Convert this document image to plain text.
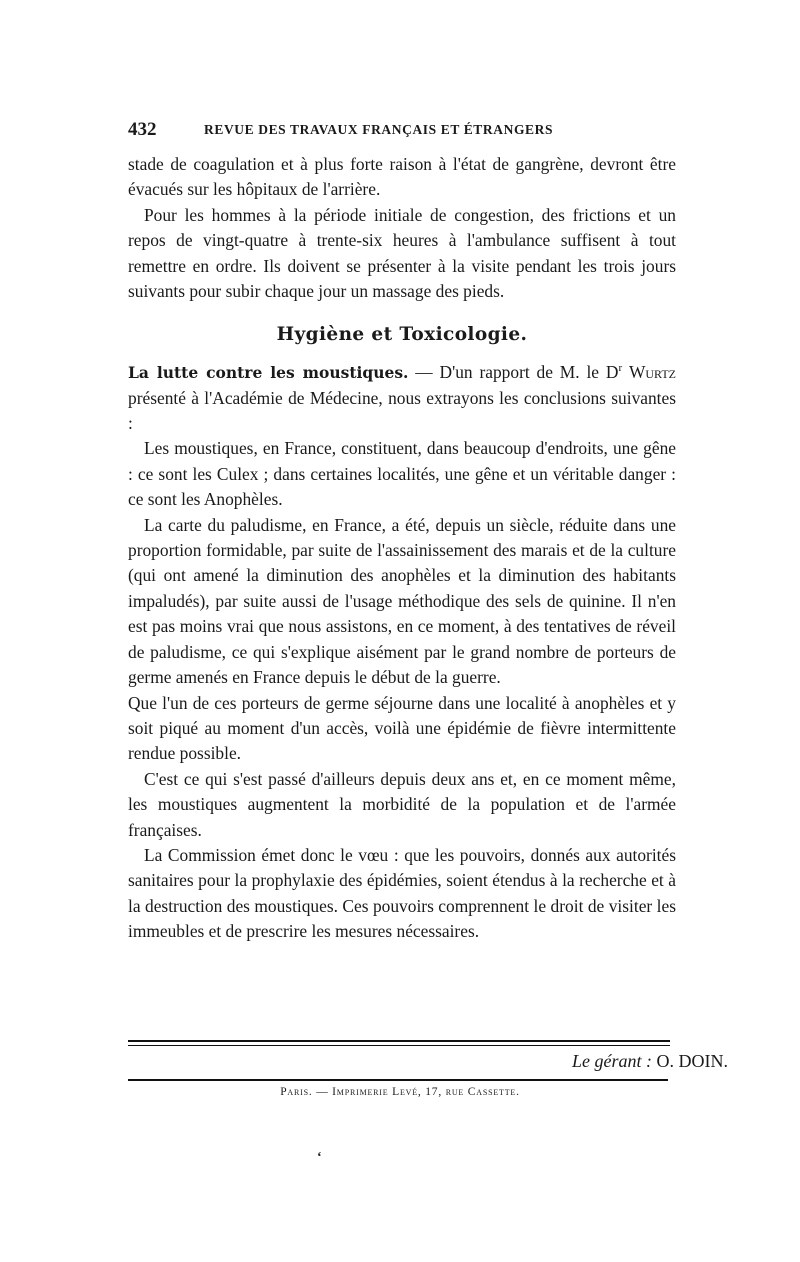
432	REVUE DES TRAVAUX FRANÇAIS ET ÉTRANGERS

stade de coagulation et à plus forte raison à l'état de gangrène, devront être évacués sur les hôpitaux de l'arrière.

Pour les hommes à la période initiale de congestion, des frictions et un repos de vingt-quatre à trente-six heures à l'ambulance suffisent à tout remettre en ordre. Ils doivent se présenter à la visite pendant les trois jours suivants pour subir chaque jour un massage des pieds.

Hygiène et Toxicologie.

La lutte contre les moustiques. — D'un rapport de M. le $D^r$ Wurtz présenté à l'Académie de Médecine, nous extrayons les conclusions suivantes :

Les moustiques, en France, constituent, dans beaucoup d'endroits, une gêne : ce sont les Culex ; dans certaines localités, une gêne et un véritable danger : ce sont les Anophèles.

La carte du paludisme, en France, a été, depuis un siècle, réduite dans une proportion formidable, par suite de l'assainissement des marais et de la culture (qui ont amené la diminution des anophèles et la diminution des habitants impaludés), par suite aussi de l'usage méthodique des sels de quinine. Il n'en est pas moins vrai que nous assistons, en ce moment, à des tentatives de réveil de paludisme, ce qui s'explique aisément par le grand nombre de porteurs de germe amenés en France depuis le début de la guerre.

Que l'un de ces porteurs de germe séjourne dans une localité à anophèles et y soit piqué au moment d'un accès, voilà une épidémie de fièvre intermittente rendue possible.

C'est ce qui s'est passé d'ailleurs depuis deux ans et, en ce moment même, les moustiques augmentent la morbidité de la population et de l'armée françaises.

La Commission émet donc le vœu : que les pouvoirs, donnés aux autorités sanitaires pour la prophylaxie des épidémies, soient étendus à la recherche et à la destruction des moustiques. Ces pouvoirs comprennent le droit de visiter les immeubles et de prescrire les mesures nécessaires.

Le gérant : O. DOIN.
Paris. — Imprimerie Levé, 17, rue Cassette.
ʻ
